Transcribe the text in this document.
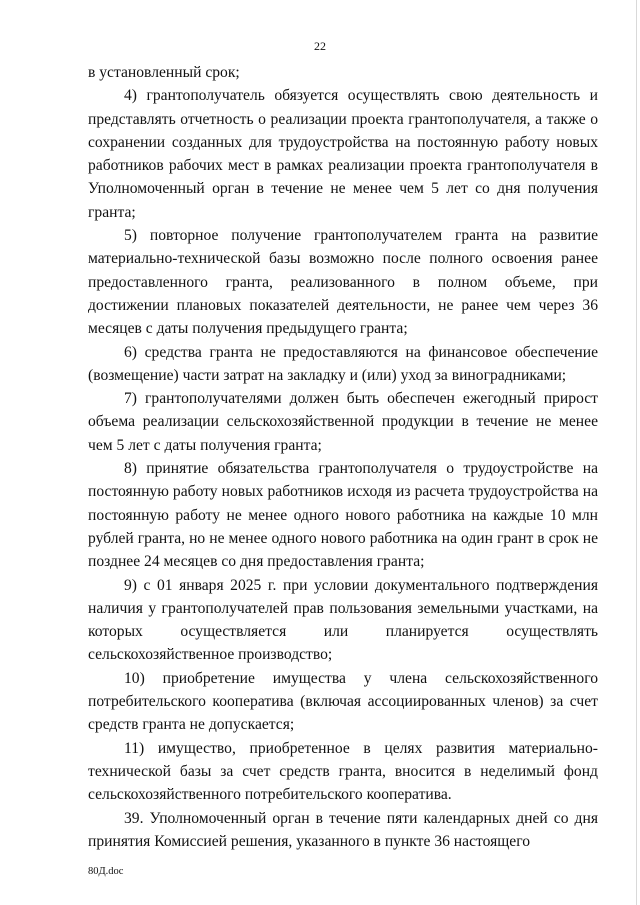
22

в установленный срок;

4) грантополучатель обязуется осуществлять свою деятельность и представлять отчетность о реализации проекта грантополучателя, а также о сохранении созданных для трудоустройства на постоянную работу новых работников рабочих мест в рамках реализации проекта грантополучателя в Уполномоченный орган в течение не менее чем 5 лет со дня получения гранта;

5) повторное получение грантополучателем гранта на развитие материально-технической базы возможно после полного освоения ранее предоставленного гранта, реализованного в полном объеме, при достижении плановых показателей деятельности, не ранее чем через 36 месяцев с даты получения предыдущего гранта;

6) средства гранта не предоставляются на финансовое обеспечение (возмещение) части затрат на закладку и (или) уход за виноградниками;

7) грантополучателями должен быть обеспечен ежегодный прирост объема реализации сельскохозяйственной продукции в течение не менее чем 5 лет с даты получения гранта;

8) принятие обязательства грантополучателя о трудоустройстве на постоянную работу новых работников исходя из расчета трудоустройства на постоянную работу не менее одного нового работника на каждые 10 млн рублей гранта, но не менее одного нового работника на один грант в срок не позднее 24 месяцев со дня предоставления гранта;

9) с 01 января 2025 г. при условии документального подтверждения наличия у грантополучателей прав пользования земельными участками, на которых осуществляется или планируется осуществлять сельскохозяйственное производство;

10) приобретение имущества у члена сельскохозяйственного потребительского кооператива (включая ассоциированных членов) за счет средств гранта не допускается;

11) имущество, приобретенное в целях развития материально-технической базы за счет средств гранта, вносится в неделимый фонд сельскохозяйственного потребительского кооператива.

39. Уполномоченный орган в течение пяти календарных дней со дня принятия Комиссией решения, указанного в пункте 36 настоящего

80Д.doc
